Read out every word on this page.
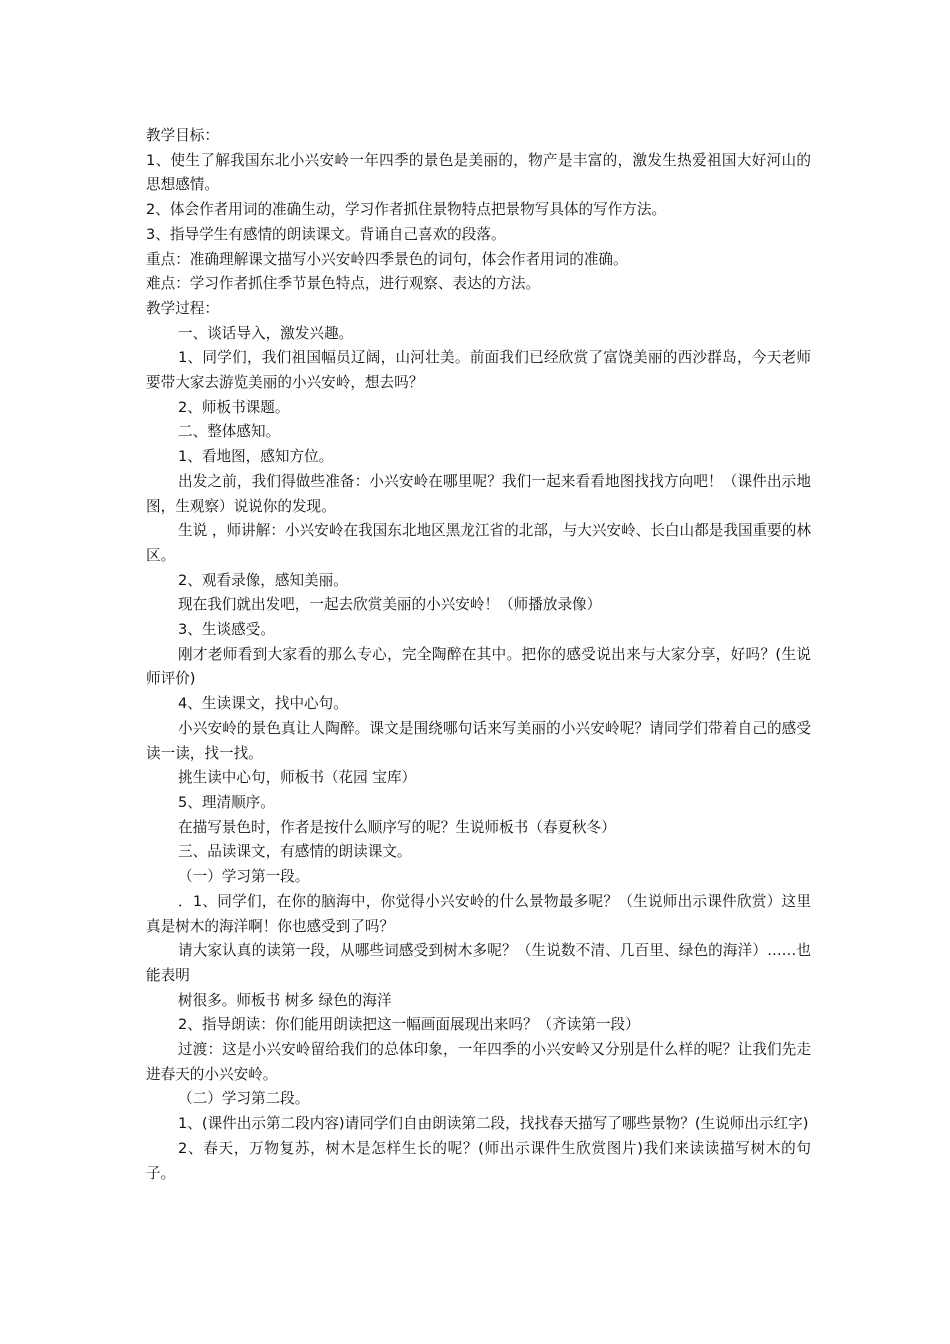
教学目标：

1、使生了解我国东北小兴安岭一年四季的景色是美丽的，物产是丰富的，激发生热爱祖国大好河山的思想感情。

2、体会作者用词的准确生动，学习作者抓住景物特点把景物写具体的写作方法。

3、指导学生有感情的朗读课文。背诵自己喜欢的段落。

重点：准确理解课文描写小兴安岭四季景色的词句，体会作者用词的准确。

难点：学习作者抓住季节景色特点，进行观察、表达的方法。

教学过程：

一、谈话导入，激发兴趣。

1、同学们，我们祖国幅员辽阔，山河壮美。前面我们已经欣赏了富饶美丽的西沙群岛，今天老师要带大家去游览美丽的小兴安岭，想去吗？

2、师板书课题。

二、整体感知。

1、看地图，感知方位。

出发之前，我们得做些准备：小兴安岭在哪里呢？我们一起来看看地图找找方向吧！（课件出示地图，生观察）说说你的发现。

生说 ，师讲解：小兴安岭在我国东北地区黑龙江省的北部，与大兴安岭、长白山都是我国重要的林区。

2、观看录像，感知美丽。

现在我们就出发吧，一起去欣赏美丽的小兴安岭！（师播放录像）

3、生谈感受。

刚才老师看到大家看的那么专心，完全陶醉在其中。把你的感受说出来与大家分享，好吗？(生说师评价)

4、生读课文，找中心句。

小兴安岭的景色真让人陶醉。课文是围绕哪句话来写美丽的小兴安岭呢？请同学们带着自己的感受读一读，找一找。

挑生读中心句，师板书（花园 宝库）

5、理清顺序。

在描写景色时，作者是按什么顺序写的呢？生说师板书（春夏秋冬）

三、品读课文，有感情的朗读课文。

（一）学习第一段。

．1、同学们，在你的脑海中，你觉得小兴安岭的什么景物最多呢？（生说师出示课件欣赏）这里真是树木的海洋啊！你也感受到了吗？

请大家认真的读第一段，从哪些词感受到树木多呢？（生说数不清、几百里、绿色的海洋）……也能表明

树很多。师板书 树多 绿色的海洋

2、指导朗读：你们能用朗读把这一幅画面展现出来吗？（齐读第一段）

过渡：这是小兴安岭留给我们的总体印象，一年四季的小兴安岭又分别是什么样的呢？让我们先走进春天的小兴安岭。

（二）学习第二段。

1、(课件出示第二段内容)请同学们自由朗读第二段，找找春天描写了哪些景物？(生说师出示红字)

2、春天，万物复苏，树木是怎样生长的呢？(师出示课件生欣赏图片)我们来读读描写树木的句子。
